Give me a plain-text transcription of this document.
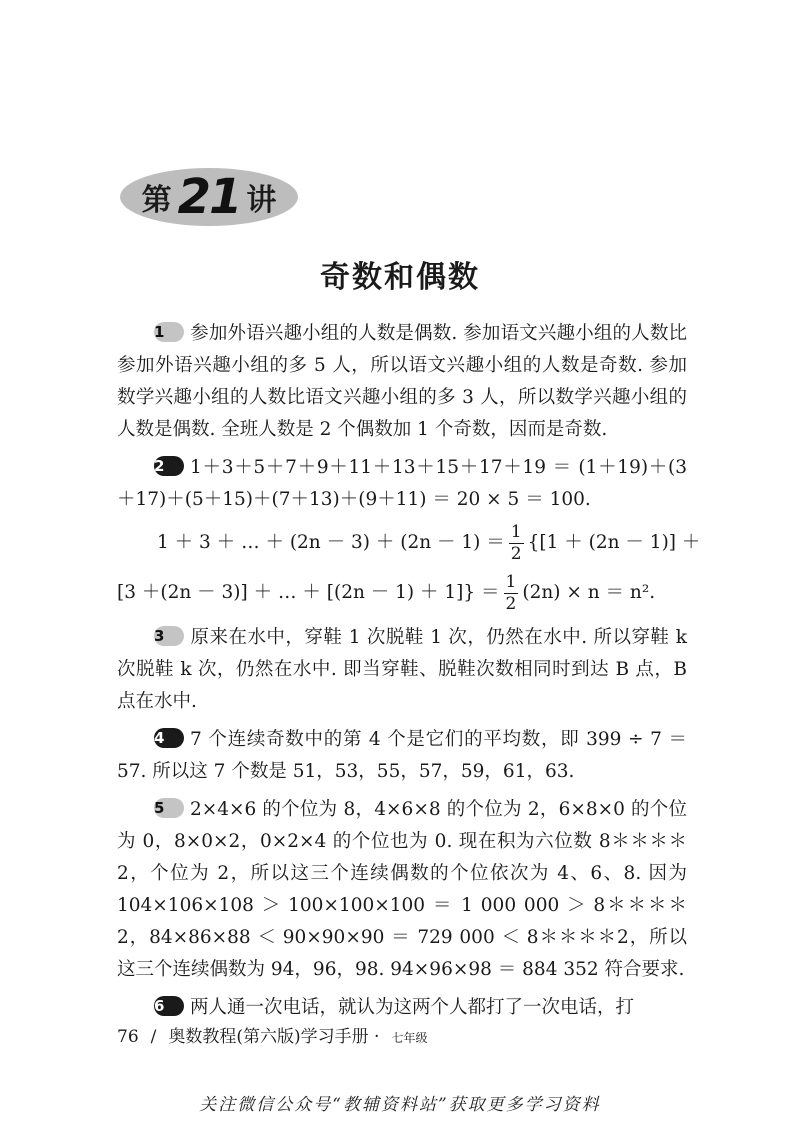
第 21 讲
奇数和偶数

1 参加外语兴趣小组的人数是偶数. 参加语文兴趣小组的人数比参加外语兴趣小组的多 5 人，所以语文兴趣小组的人数是奇数. 参加数学兴趣小组的人数比语文兴趣小组的多 3 人，所以数学兴趣小组的人数是偶数. 全班人数是 2 个偶数加 1 个奇数，因而是奇数.

2 1＋3＋5＋7＋9＋11＋13＋15＋17＋19 ＝ (1＋19)＋(3＋17)＋(5＋15)＋(7＋13)＋(9＋11) ＝ 20 × 5 ＝ 100.

1 ＋ 3 ＋ … ＋ $(2n - 3) + (2n - 1) = \frac{1}{2} \{[1 + (2n - 1)]$ ＋
[3 ＋(2n － 3)] ＋ … ＋ $[(2n - 1) + 1]\} = \frac{1}{2} (2n) \times n = n^2$.

3 原来在水中，穿鞋 1 次脱鞋 1 次，仍然在水中. 所以穿鞋 k 次脱鞋 k 次，仍然在水中. 即当穿鞋、脱鞋次数相同时到达 B 点，B 点在水中.

4 7 个连续奇数中的第 4 个是它们的平均数，即 399 ÷ 7 ＝ 57. 所以这 7 个数是 51，53，55，57，59，61，63.

5 2×4×6 的个位为 8，4×6×8 的个位为 2，6×8×0 的个位为 0，8×0×2，0×2×4 的个位也为 0. 现在积为六位数 8＊＊＊＊2，个位为 2，所以这三个连续偶数的个位依次为 4、6、8. 因为 104×106×108 ＞ 100×100×100 ＝ 1 000 000 ＞ 8＊＊＊＊2，84×86×88 ＜ 90×90×90 ＝ 729 000 ＜ 8＊＊＊＊2，所以这三个连续偶数为 94，96，98. 94×96×98 ＝ 884 352 符合要求.

6 两人通一次电话，就认为这两个人都打了一次电话，打

76 / 奥数教程(第六版)学习手册 · 七年级
关注微信公众号“教辅资料站”获取更多学习资料
